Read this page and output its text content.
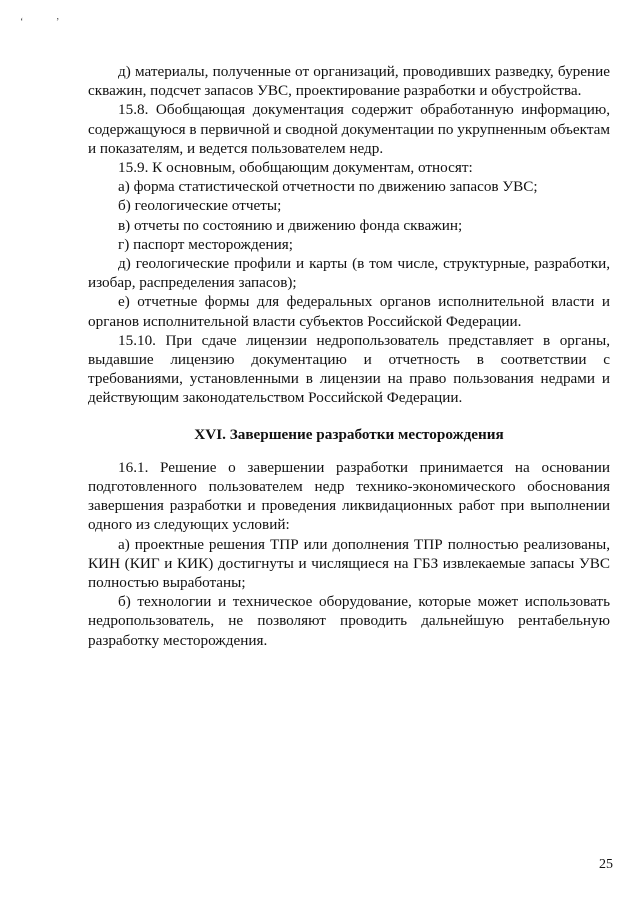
‘	’

д) материалы, полученные от организаций, проводивших разведку, бурение скважин, подсчет запасов УВС, проектирование разработки и обустройства.

15.8. Обобщающая документация содержит обработанную информацию, содержащуюся в первичной и сводной документации по укрупненным объектам и показателям, и ведется пользователем недр.

15.9. К основным, обобщающим документам, относят:

а) форма статистической отчетности по движению запасов УВС;

б) геологические отчеты;

в) отчеты по состоянию и движению фонда скважин;

г) паспорт месторождения;

д) геологические профили и карты (в том числе, структурные, разработки, изобар, распределения запасов);

е) отчетные формы для федеральных органов исполнительной власти и органов исполнительной власти субъектов Российской Федерации.

15.10. При сдаче лицензии недропользователь представляет в органы, выдавшие лицензию документацию и отчетность в соответствии с требованиями, установленными в лицензии на право пользования недрами и действующим законодательством Российской Федерации.

XVI. Завершение разработки месторождения

16.1. Решение о завершении разработки принимается на основании подготовленного пользователем недр технико-экономического обоснования завершения разработки и проведения ликвидационных работ при выполнении одного из следующих условий:

а) проектные решения ТПР или дополнения ТПР полностью реализованы, КИН (КИГ и КИК) достигнуты и числящиеся на ГБЗ извлекаемые запасы УВС полностью выработаны;

б) технологии и техническое оборудование, которые может использовать недропользователь, не позволяют проводить дальнейшую рентабельную разработку месторождения.

25
